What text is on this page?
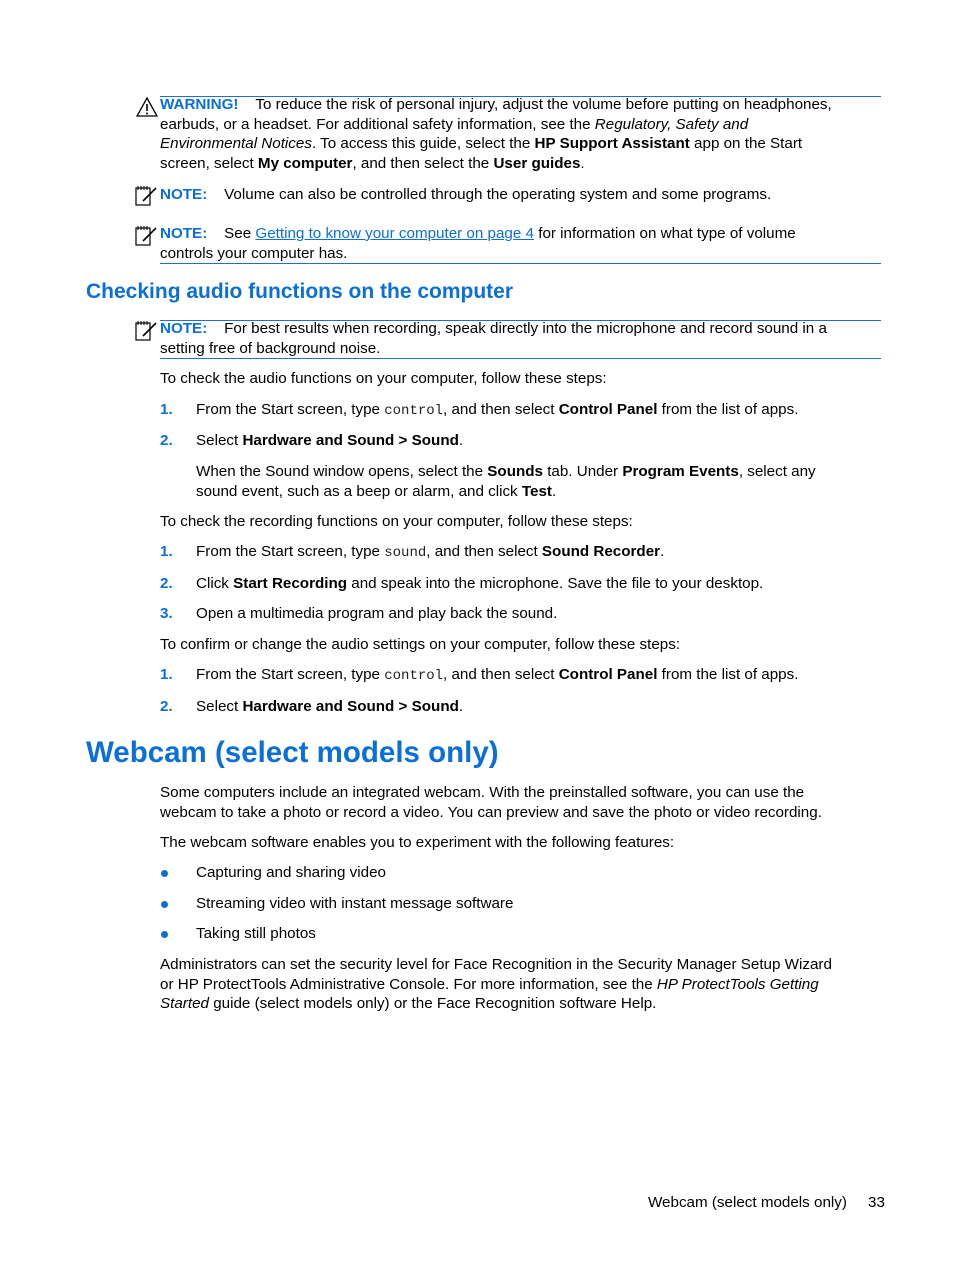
WARNING! To reduce the risk of personal injury, adjust the volume before putting on headphones,
earbuds, or a headset. For additional safety information, see the Regulatory, Safety and
Environmental Notices. To access this guide, select the HP Support Assistant app on the Start
screen, select My computer, and then select the User guides.
NOTE: Volume can also be controlled through the operating system and some programs.
NOTE: See Getting to know your computer on page 4 for information on what type of volume
controls your computer has.
Checking audio functions on the computer
NOTE: For best results when recording, speak directly into the microphone and record sound in a
setting free of background noise.
To check the audio functions on your computer, follow these steps:
1. From the Start screen, type control, and then select Control Panel from the list of apps.
2. Select Hardware and Sound > Sound.
When the Sound window opens, select the Sounds tab. Under Program Events, select any
sound event, such as a beep or alarm, and click Test.
To check the recording functions on your computer, follow these steps:
1. From the Start screen, type sound, and then select Sound Recorder.
2. Click Start Recording and speak into the microphone. Save the file to your desktop.
3. Open a multimedia program and play back the sound.
To confirm or change the audio settings on your computer, follow these steps:
1. From the Start screen, type control, and then select Control Panel from the list of apps.
2. Select Hardware and Sound > Sound.
Webcam (select models only)
Some computers include an integrated webcam. With the preinstalled software, you can use the
webcam to take a photo or record a video. You can preview and save the photo or video recording.
The webcam software enables you to experiment with the following features:
Capturing and sharing video
Streaming video with instant message software
Taking still photos
Administrators can set the security level for Face Recognition in the Security Manager Setup Wizard
or HP ProtectTools Administrative Console. For more information, see the HP ProtectTools Getting
Started guide (select models only) or the Face Recognition software Help.
Webcam (select models only) 33
